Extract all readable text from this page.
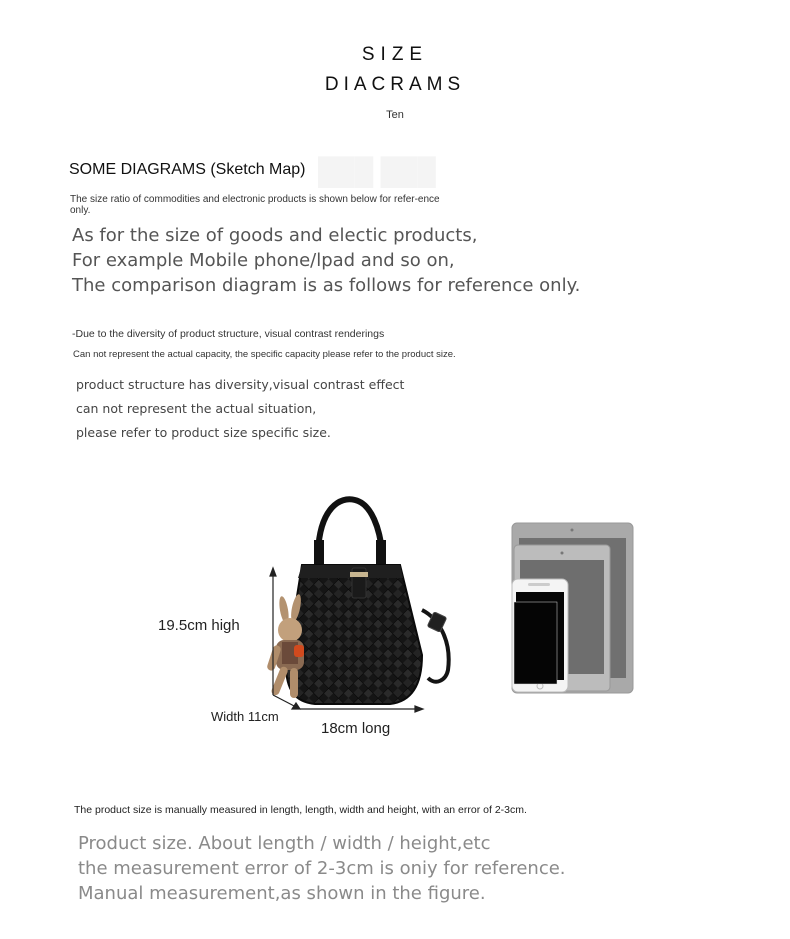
SIZE
DIACRAMS
Ten
███ ███
SOME DIAGRAMS (Sketch Map)
The size ratio of commodities and electronic products is shown below for refer-ence only.
As for the size of goods and electic products,
For example Mobile phone/lpad and so on,
The comparison diagram is as follows for reference only.
-Due to the diversity of product structure, visual contrast renderings
Can not represent the actual capacity, the specific capacity please refer to the product size.
product structure has diversity,visual contrast effect
can not represent the actual situation,
please refer to product size specific size.
19.5cm high
Width 11cm
18cm long
The product size is manually measured in length, length, width and height, with an error of 2-3cm.
Product size. About length / width / height,etc
the measurement error of 2-3cm is oniy for reference.
Manual measurement,as shown in the figure.
